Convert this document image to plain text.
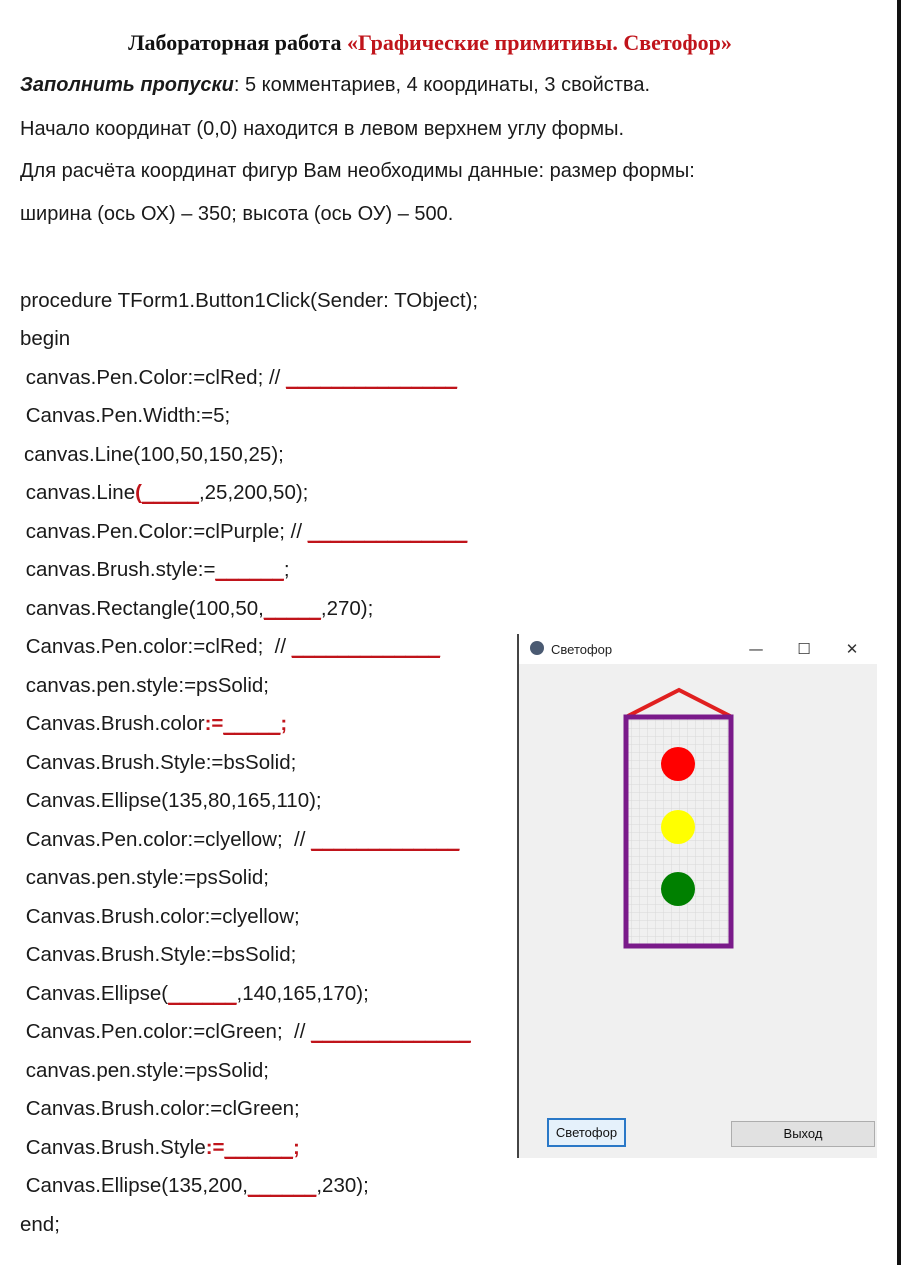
Лабораторная работа «Графические примитивы. Светофор»
Заполнить пропуски: 5 комментариев, 4 координаты, 3 свойства.
Начало координат (0,0) находится в левом верхнем углу формы.
Для расчёта координат фигур Вам необходимы данные: размер формы:
ширина (ось ОХ) – 350; высота (ось ОУ) – 500.
procedure TForm1.Button1Click(Sender: TObject);
begin
canvas.Pen.Color:=clRed; // _______________
Canvas.Pen.Width:=5;
canvas.Line(100,50,150,25);
canvas.Line(_____,25,200,50);
canvas.Pen.Color:=clPurple; // ______________
canvas.Brush.style:=______;
canvas.Rectangle(100,50,_____,270);
Canvas.Pen.color:=clRed;  // _____________
canvas.pen.style:=psSolid;
Canvas.Brush.color:=_____;
Canvas.Brush.Style:=bsSolid;
Canvas.Ellipse(135,80,165,110);
Canvas.Pen.color:=clyellow;  // _____________
canvas.pen.style:=psSolid;
Canvas.Brush.color:=clyellow;
Canvas.Brush.Style:=bsSolid;
Canvas.Ellipse(______,140,165,170);
Canvas.Pen.color:=clGreen;  // ______________
canvas.pen.style:=psSolid;
Canvas.Brush.color:=clGreen;
Canvas.Brush.Style:=______;
Canvas.Ellipse(135,200,______,230);
end;
Светофор	— ☐	✕
Светофор	Выход
